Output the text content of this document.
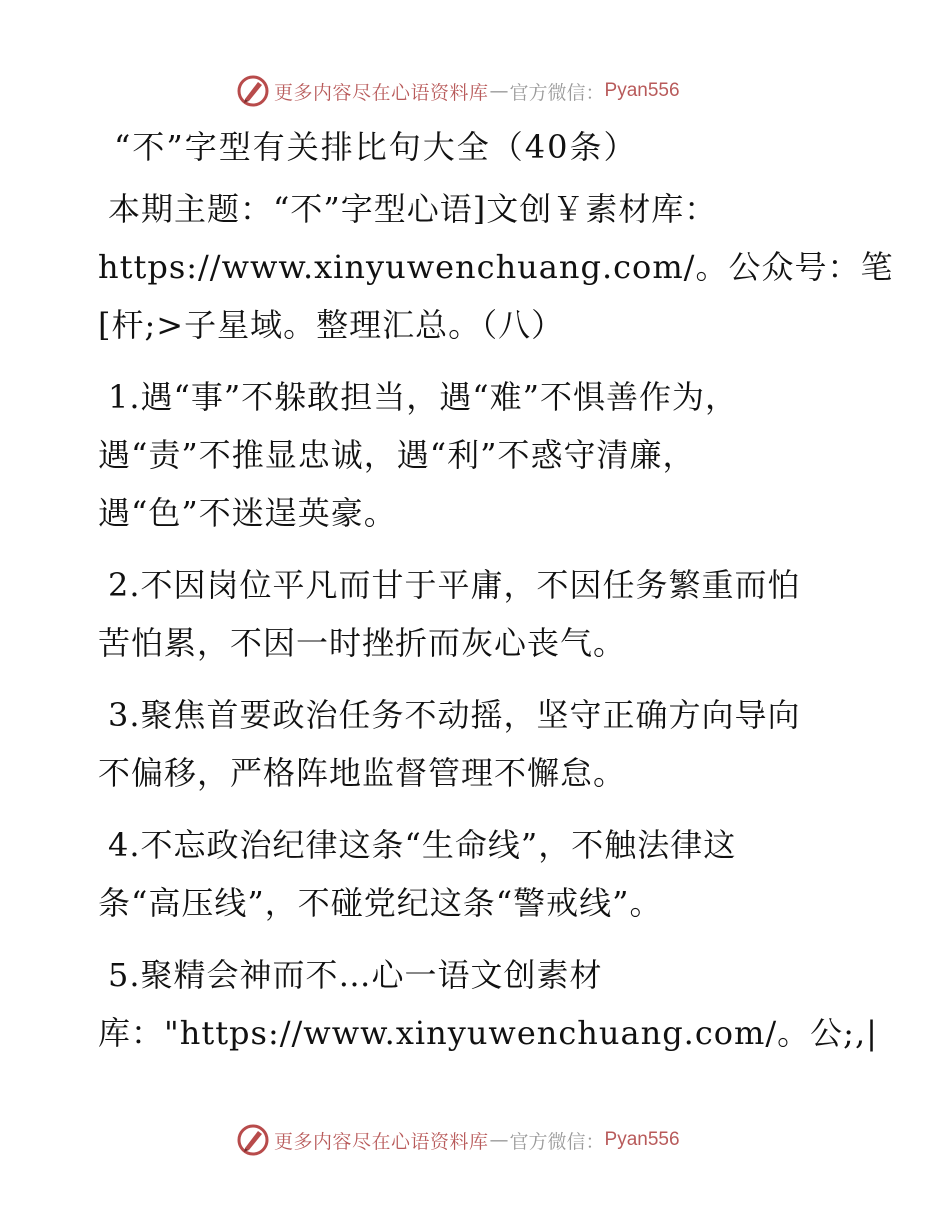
更多内容尽在心语资料库 — 官方微信： Pyan556
“不”字型有关排比句大全（40条）
本期主题：“不”字型心语]文创￥素材库：
https://www.xinyuwenchuang.com/。公众号：笔
[杆;>子星域。整理汇总。（八）
1.遇“事”不躲敢担当，遇“难”不惧善作为，
遇“责”不推显忠诚，遇“利”不惑守清廉，
遇“色”不迷逞英豪。
2.不因岗位平凡而甘于平庸，不因任务繁重而怕
苦怕累，不因一时挫折而灰心丧气。
3.聚焦首要政治任务不动摇，坚守正确方向导向
不偏移，严格阵地监督管理不懈怠。
4.不忘政治纪律这条“生命线”，不触法律这
条“高压线”，不碰党纪这条“警戒线”。
5.聚精会神而不…心一语文创素材
库："https://www.xinyuwenchuang.com/。公;,|
更多内容尽在心语资料库 — 官方微信： Pyan556
